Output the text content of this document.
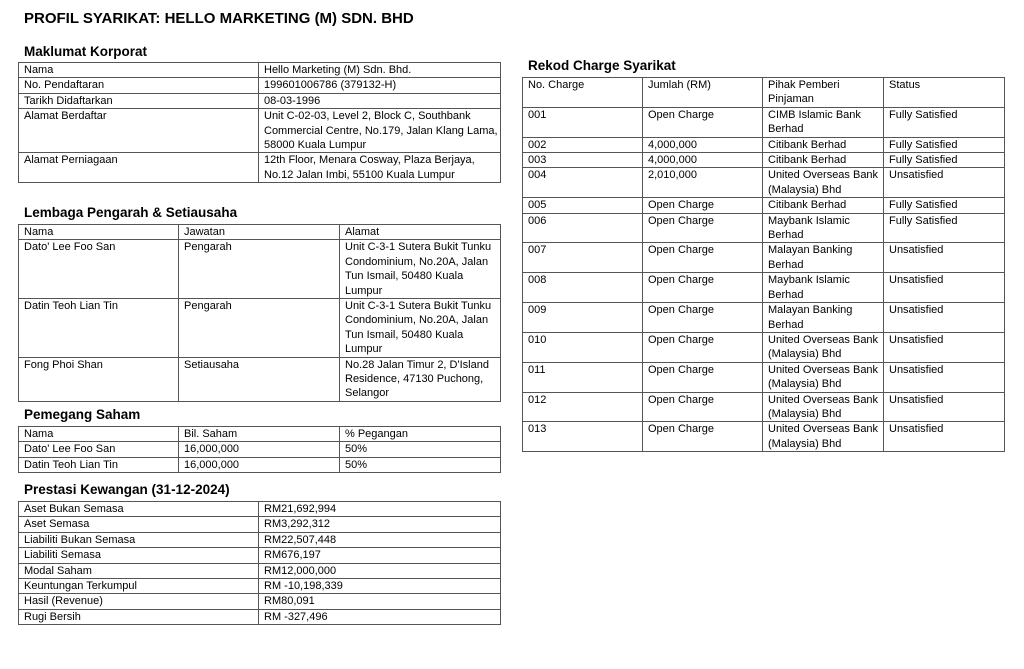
PROFIL SYARIKAT: HELLO MARKETING (M) SDN. BHD
Maklumat Korporat
Nama	Hello Marketing (M) Sdn. Bhd.
No. Pendaftaran	199601006786 (379132-H)
Tarikh Didaftarkan	08-03-1996
Alamat Berdaftar	Unit C-02-03, Level 2, Block C, Southbank Commercial Centre, No.179, Jalan Klang Lama, 58000 Kuala Lumpur
Alamat Perniagaan	12th Floor, Menara Cosway, Plaza Berjaya, No.12 Jalan Imbi, 55100 Kuala Lumpur
Lembaga Pengarah & Setiausaha
Nama	Jawatan	Alamat
Dato' Lee Foo San	Pengarah	Unit C-3-1 Sutera Bukit Tunku Condominium, No.20A, Jalan Tun Ismail, 50480 Kuala Lumpur
Datin Teoh Lian Tin	Pengarah	Unit C-3-1 Sutera Bukit Tunku Condominium, No.20A, Jalan Tun Ismail, 50480 Kuala Lumpur
Fong Phoi Shan	Setiausaha	No.28 Jalan Timur 2, D'Island Residence, 47130 Puchong, Selangor
Pemegang Saham
Nama	Bil. Saham	% Pegangan
Dato' Lee Foo San	16,000,000	50%
Datin Teoh Lian Tin	16,000,000	50%
Prestasi Kewangan (31-12-2024)
Aset Bukan Semasa	RM21,692,994
Aset Semasa	RM3,292,312
Liabiliti Bukan Semasa	RM22,507,448
Liabiliti Semasa	RM676,197
Modal Saham	RM12,000,000
Keuntungan Terkumpul	RM -10,198,339
Hasil (Revenue)	RM80,091
Rugi Bersih	RM -327,496
Rekod Charge Syarikat
No. Charge	Jumlah (RM)	Pihak Pemberi Pinjaman	Status
001	Open Charge	CIMB Islamic Bank Berhad	Fully Satisfied
002	4,000,000	Citibank Berhad	Fully Satisfied
003	4,000,000	Citibank Berhad	Fully Satisfied
004	2,010,000	United Overseas Bank (Malaysia) Bhd	Unsatisfied
005	Open Charge	Citibank Berhad	Fully Satisfied
006	Open Charge	Maybank Islamic Berhad	Fully Satisfied
007	Open Charge	Malayan Banking Berhad	Unsatisfied
008	Open Charge	Maybank Islamic Berhad	Unsatisfied
009	Open Charge	Malayan Banking Berhad	Unsatisfied
010	Open Charge	United Overseas Bank (Malaysia) Bhd	Unsatisfied
011	Open Charge	United Overseas Bank (Malaysia) Bhd	Unsatisfied
012	Open Charge	United Overseas Bank (Malaysia) Bhd	Unsatisfied
013	Open Charge	United Overseas Bank (Malaysia) Bhd	Unsatisfied
